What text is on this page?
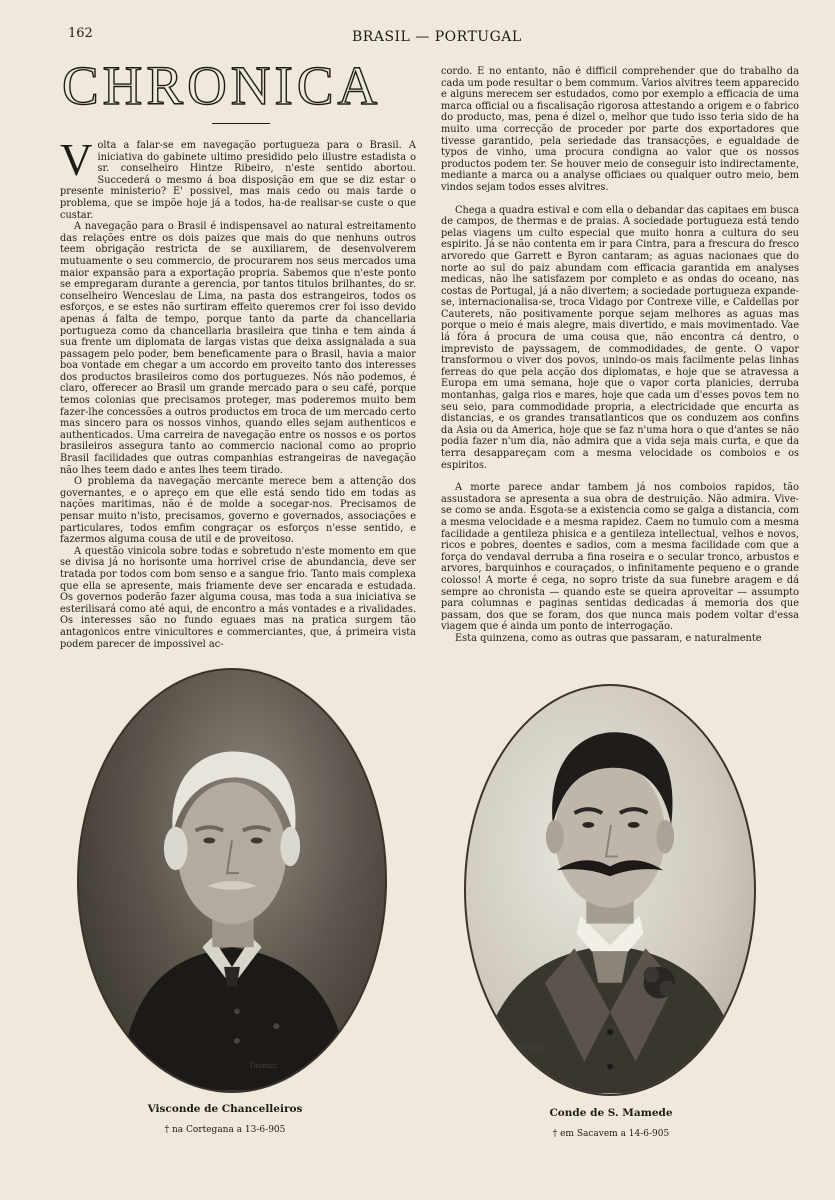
162	BRASIL — PORTUGAL
CHRONICA

Volta a falar-se em navegação portugueza para o Brasil. A iniciativa do gabinete ultimo presidido pelo illustre estadista o sr. conselheiro Hintze Ribeiro, n'este sentido abortou. Succederá o mesmo á boa disposição em que se diz estar o presente ministerio? E' possivel, mas mais cedo ou mais tarde o problema, que se impõe hoje já a todos, ha-de realisar-se custe o que custar.

A navegação para o Brasil é indispensavel ao natural estreitamento das relações entre os dois paizes que mais do que nenhuns outros teem obrigação restricta de se auxiliarem, de desenvolverem mutuamente o seu commercio, de procurarem nos seus mercados uma maior expansão para a exportação propria. Sabemos que n'este ponto se empregaram durante a gerencia, por tantos titulos brilhantes, do sr. conselheiro Wenceslau de Lima, na pasta dos estrangeiros, todos os esforços, e se estes não surtiram effeito queremos crer foi isso devido apenas á falta de tempo, porque tanto da parte da chancellaria portugueza como da chancellaria brasileira que tinha e tem ainda á sua frente um diplomata de largas vistas que deixa assignalada a sua passagem pelo poder, bem beneficamente para o Brasil, havia a maior boa vontade em chegar a um accordo em proveito tanto dos interesses dos productos brasileiros como dos portuguezes. Nós não podemos, é claro, offerecer ao Brasil um grande mercado para o seu café, porque temos colonias que precisamos proteger, mas poderemos muito bem fazer-lhe concessões a outros productos em troca de um mercado certo mas sincero para os nossos vinhos, quando elles sejam authenticos e authenticados. Uma carreira de navegação entre os nossos e os portos brasileiros assegura tanto ao commercio nacional como ao proprio Brasil facilidades que outras companhias estrangeiras de navegação não lhes teem dado e antes lhes teem tirado.

O problema da navegação mercante merece bem a attenção dos governantes, e o apreço em que elle está sendo tido em todas as nações maritimas, não é de molde a socegar-nos. Precisamos de pensar muito n'isto, precisamos, governo e governados, associações e particulares, todos emfim congraçar os esforços n'esse sentido, e fazermos alguma cousa de util e de proveitoso.

A questão vinicola sobre todas e sobretudo n'este momento em que se divisa já no horisonte uma horrivel crise de abundancia, deve ser tratada por todos com bom senso e a sangue frio. Tanto mais complexa que ella se apresente, mais friamente deve ser encarada e estudada. Os governos poderão fazer alguma cousa, mas toda a sua iniciativa se esterilisará como até aqui, de encontro a más vontades e a rivalidades. Os interesses são no fundo eguaes mas na pratica surgem tão antagonicos entre vinicultores e commerciantes, que, á primeira vista podem parecer de impossivel ac-

cordo. E no entanto, não é difficil comprehender que do trabalho da cada um pode resultar o bem commum. Varios alvitres teem apparecido e alguns merecem ser estudados, como por exemplo a efficacia de uma marca official ou a fiscalisação rigorosa attestando a origem e o fabrico do producto, mas, pena é dizel o, melhor que tudo isso teria sido de ha muito uma correcção de proceder por parte dos exportadores que tivesse garantido, pela seriedade das transacções, e egualdade de typos de vinho, uma procura condigna ao valor que os nossos productos podem ter. Se houver meio de conseguir isto indirectamente, mediante a marca ou a analyse officiaes ou qualquer outro meio, bem vindos sejam todos esses alvitres.

Chega a quadra estival e com ella o debandar das capitaes em busca de campos, de thermas e de praias. A sociedade portugueza está tendo pelas viagens um culto especial que muito honra a cultura do seu espirito. Já se não contenta em ir para Cintra, para a frescura do fresco arvoredo que Garrett e Byron cantaram; as aguas nacionaes que do norte ao sul do paiz abundam com efficacia garantida em analyses medicas, não lhe satisfazem por completo e as ondas do oceano, nas costas de Portugal, já a não divertem; a sociedade portugueza expande-se, internacionalisa-se, troca Vidago por Contrexe ville, e Caldellas por Cauterets, não positivamente porque sejam melhores as aguas mas porque o meio é mais alegre, mais divertido, e mais movimentado. Vae lá fóra á procura de uma cousa que, não encontra cá dentro, o imprevisto de payssagem, de commodidades, de gente. O vapor transformou o viver dos povos, unindo-os mais facilmente pelas linhas ferreas do que pela acção dos diplomatas, e hoje que se atravessa a Europa em uma semana, hoje que o vapor corta planicies, derruba montanhas, galga rios e mares, hoje que cada um d'esses povos tem no seu seio, para commodidade propria, a electricidade que encurta as distancias, e os grandes transatlanticos que os conduzem aos confins da Asia ou da America, hoje que se faz n'uma hora o que d'antes se não podia fazer n'um dia, não admira que a vida seja mais curta, e que da terra desappareçam com a mesma velocidade os comboios e os espiritos.

A morte parece andar tambem já nos comboios rapidos, tão assustadora se apresenta a sua obra de destruição. Não admira. Vive-se como se anda. Esgota-se a existencia como se galga a distancia, com a mesma velocidade e a mesma rapidez. Caem no tumulo com a mesma facilidade a gentileza phisica e a gentileza intellectual, velhos e novos, ricos e pobres, doentes e sadios, com a mesma facilidade com que a força do vendaval derruba a fina roseira e o secular tronco, arbustos e arvores, barquinhos e couraçados, o infinitamente pequeno e o grande colosso! A morte é cega, no sopro triste da sua funebre aragem e dá sempre ao chronista — quando este se queira aproveitar — assumpto para columnas e paginas sentidas dedicadas á memoria dos que passam, dos que se foram, dos que nunca mais podem voltar d'essa viagem que é ainda um ponto de interrogação.

Esta quinzena, como as outras que passaram, e naturalmente

Thomaz
Visconde de Chancelleiros
† na Cortegana a 13-6-905
P. Marques
Conde de S. Mamede
† em Sacavem a 14-6-905
